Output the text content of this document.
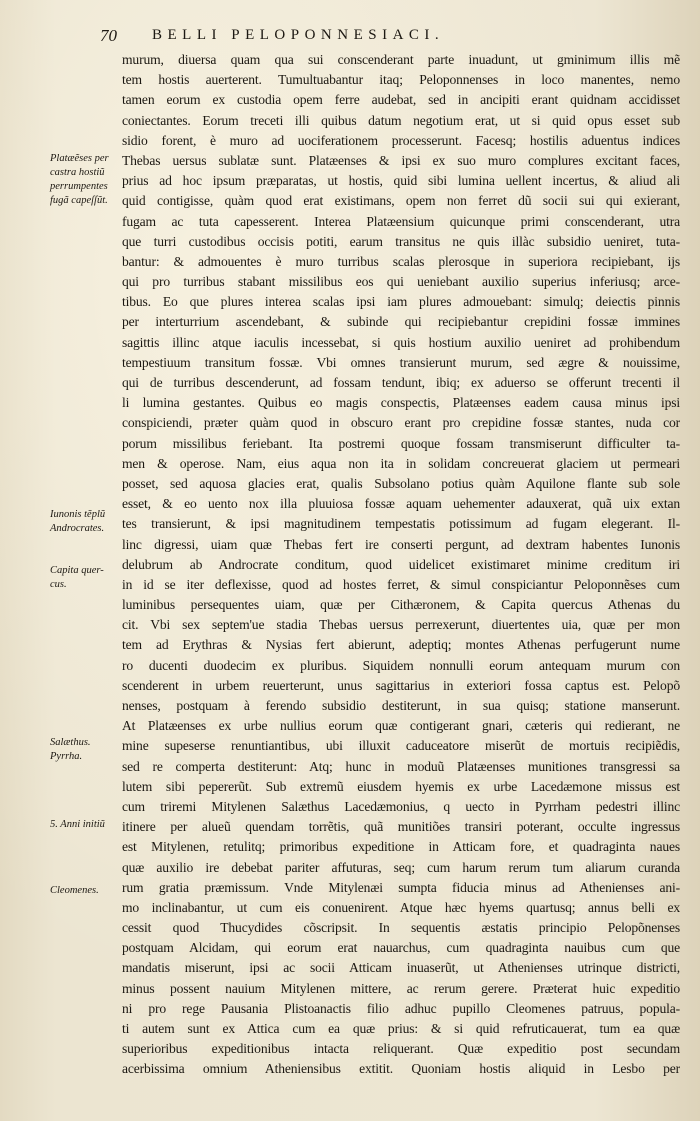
70 BELLI PELOPONNESIACI.
Platæẽses per
castra hostiũ
perrumpentes
fugã capeſſũt.
Iunonis tẽplũ
Androcrates.
Capita quer-
cus.
Salæthus.
Pyrrha.
5. Anni initiũ
Cleomenes.
murum, diuersa quam qua sui conscenderant parte inuadunt, ut gminimum illis mẽ
tem hostis auerterent. Tumultuabantur itaq; Peloponnenses in loco manentes, nemo
tamen eorum ex custodia opem ferre audebat, sed in ancipiti erant quidnam accidisset
coniectantes. Eorum treceti illi quibus datum negotium erat, ut si quid opus esset sub
sidio forent, è muro ad uociferationem processerunt. Facesq; hostilis aduentus indices
Thebas uersus sublatæ sunt. Platæenses & ipsi ex suo muro complures excitant faces,
prius ad hoc ipsum præparatas, ut hostis, quid sibi lumina uellent incertus, & aliud ali
quid contigisse, quàm quod erat existimans, opem non ferret dũ socii sui qui exierant,
fugam ac tuta capesserent. Interea Platæensium quicunque primi conscenderant, utra
que turri custodibus occisis potiti, earum transitus ne quis illàc subsidio ueniret, tuta-
bantur: & admouentes è muro turribus scalas plerosque in superiora recipiebant, ijs
qui pro turribus stabant missilibus eos qui ueniebant auxilio superius inferiusq; arce-
tibus. Eo que plures interea scalas ipsi iam plures admouebant: simulq; deiectis pinnis
per interturrium ascendebant, & subinde qui recipiebantur crepidini fossæ immines
sagittis illinc atque iaculis incessebat, si quis hostium auxilio ueniret ad prohibendum
tempestiuum transitum fossæ. Vbi omnes transierunt murum, sed ægre & nouissime,
qui de turribus descenderunt, ad fossam tendunt, ibiq; ex aduerso se offerunt trecenti il
li lumina gestantes. Quibus eo magis conspectis, Platæenses eadem causa minus ipsi
conspiciendi, præter quàm quod in obscuro erant pro crepidine fossæ stantes, nuda cor
porum missilibus feriebant. Ita postremi quoque fossam transmiserunt difficulter ta-
men & operose. Nam, eius aqua non ita in solidam concreuerat glaciem ut permeari
posset, sed aquosa glacies erat, qualis Subsolano potius quàm Aquilone flante sub sole
esset, & eo uento nox illa pluuiosa fossæ aquam uehementer adauxerat, quã uix extan
tes transierunt, & ipsi magnitudinem tempestatis potissimum ad fugam elegerant. Il-
linc digressi, uiam quæ Thebas fert ire conserti pergunt, ad dextram habentes Iunonis
delubrum ab Androcrate conditum, quod uidelicet existimaret minime creditum iri
in id se iter deflexisse, quod ad hostes ferret, & simul conspiciantur Peloponnẽses cum
luminibus persequentes uiam, quæ per Cithæronem, & Capita quercus Athenas du
cit. Vbi sex septem'ue stadia Thebas uersus perrexerunt, diuertentes uia, quæ per mon
tem ad Erythras & Nysias fert abierunt, adeptiq; montes Athenas perfugerunt nume
ro ducenti duodecim ex pluribus. Siquidem nonnulli eorum antequam murum con
scenderent in urbem reuerterunt, unus sagittarius in exteriori fossa captus est. Pelopõ
nenses, postquam à ferendo subsidio destiterunt, in sua quisq; statione manserunt.
At Platæenses ex urbe nullius eorum quæ contigerant gnari, cæteris qui redierant, ne
mine supeserse renuntiantibus, ubi illuxit caduceatore miserũt de mortuis recipiẽdis,
sed re comperta destiterunt: Atq; hunc in moduũ Platæenses munitiones transgressi sa
lutem sibi pepererũt. Sub extremũ eiusdem hyemis ex urbe Lacedæmone missus est
cum triremi Mitylenen Salæthus Lacedæmonius, q uecto in Pyrrham pedestri illinc
itinere per alueũ quendam torrẽtis, quã munitiões transiri poterant, occulte ingressus
est Mitylenen, retulitq; primoribus expeditione in Atticam fore, et quadraginta naues
quæ auxilio ire debebat pariter affuturas, seq; cum harum rerum tum aliarum curanda
rum gratia præmissum. Vnde Mitylenæi sumpta fiducia minus ad Athenienses ani-
mo inclinabantur, ut cum eis conuenirent. Atque hæc hyems quartusq; annus belli ex
cessit quod Thucydides cõscripsit. In sequentis æstatis principio Pelopõnenses
postquam Alcidam, qui eorum erat nauarchus, cum quadraginta nauibus cum que
mandatis miserunt, ipsi ac socii Atticam inuaserũt, ut Athenienses utrinque districti,
minus possent nauium Mitylenen mittere, ac rerum gerere. Præterat huic expeditio
ni pro rege Pausania Plistoanactis filio adhuc pupillo Cleomenes patruus, popula-
ti autem sunt ex Attica cum ea quæ prius: & si quid refruticauerat, tum ea quæ
superioribus expeditionibus intacta reliquerant. Quæ expeditio post secundam
acerbissima omnium Atheniensibus extitit. Quoniam hostis aliquid in Lesbo per
